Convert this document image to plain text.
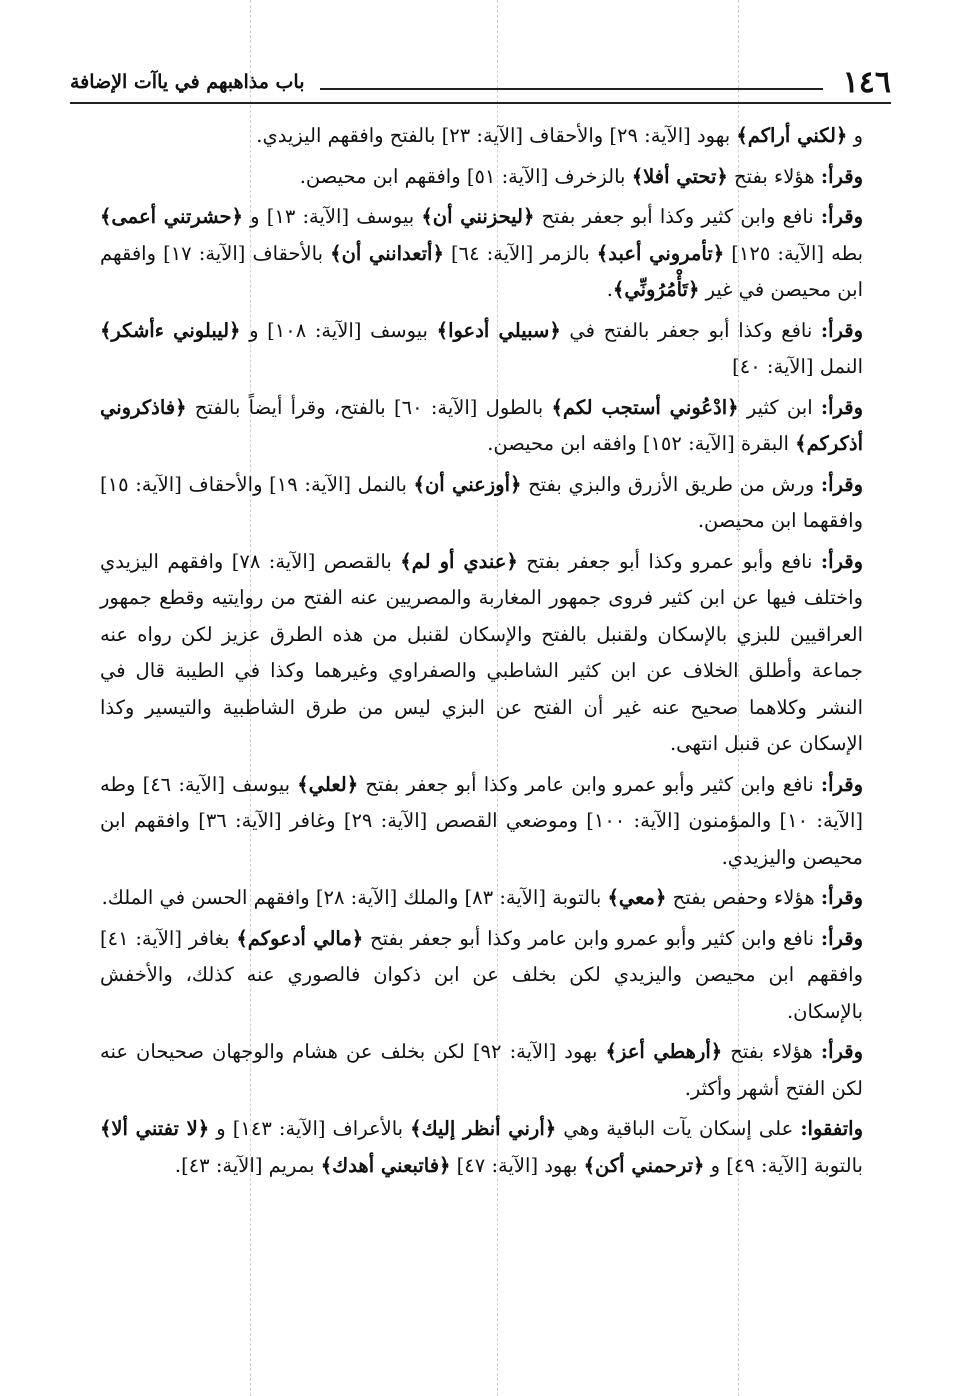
١٤٦
باب مذاهبهم في ياآت الإضافة

و ﴿لكني أراكم﴾ بهود [الآية: ٢٩] والأحقاف [الآية: ٢٣] بالفتح وافقهم اليزيدي.

وقرأ: هؤلاء بفتح ﴿تحتي أفلا﴾ بالزخرف [الآية: ٥١] وافقهم ابن محيصن.

وقرأ: نافع وابن كثير وكذا أبو جعفر بفتح ﴿ليحزنني أن﴾ بيوسف [الآية: ١٣] و ﴿حشرتني أعمى﴾ بطه [الآية: ١٢٥] ﴿تأمروني أعبد﴾ بالزمر [الآية: ٦٤] ﴿أتعدانني أن﴾ بالأحقاف [الآية: ١٧] وافقهم ابن محيصن في غير ﴿تَأْمُرُونِّي﴾.

وقرأ: نافع وكذا أبو جعفر بالفتح في ﴿سبيلي أدعوا﴾ بيوسف [الآية: ١٠٨] و ﴿ليبلوني ءأشكر﴾ النمل [الآية: ٤٠]

وقرأ: ابن كثير ﴿ادْعُوني أستجب لكم﴾ بالطول [الآية: ٦٠] بالفتح، وقرأ أيضاً بالفتح ﴿فاذكروني أذكركم﴾ البقرة [الآية: ١٥٢] وافقه ابن محيصن.

وقرأ: ورش من طريق الأزرق والبزي بفتح ﴿أوزعني أن﴾ بالنمل [الآية: ١٩] والأحقاف [الآية: ١٥] وافقهما ابن محيصن.

وقرأ: نافع وأبو عمرو وكذا أبو جعفر بفتح ﴿عندي أو لم﴾ بالقصص [الآية: ٧٨] وافقهم اليزيدي واختلف فيها عن ابن كثير فروى جمهور المغاربة والمصريين عنه الفتح من روايتيه وقطع جمهور العراقيين للبزي بالإسكان ولقنبل بالفتح والإسكان لقنبل من هذه الطرق عزيز لكن رواه عنه جماعة وأطلق الخلاف عن ابن كثير الشاطبي والصفراوي وغيرهما وكذا في الطيبة قال في النشر وكلاهما صحيح عنه غير أن الفتح عن البزي ليس من طرق الشاطبية والتيسير وكذا الإسكان عن قنبل انتهى.

وقرأ: نافع وابن كثير وأبو عمرو وابن عامر وكذا أبو جعفر بفتح ﴿لعلي﴾ بيوسف [الآية: ٤٦] وطه [الآية: ١٠] والمؤمنون [الآية: ١٠٠] وموضعي القصص [الآية: ٢٩] وغافر [الآية: ٣٦] وافقهم ابن محيصن واليزيدي.

وقرأ: هؤلاء وحفص بفتح ﴿معي﴾ بالتوبة [الآية: ٨٣] والملك [الآية: ٢٨] وافقهم الحسن في الملك.

وقرأ: نافع وابن كثير وأبو عمرو وابن عامر وكذا أبو جعفر بفتح ﴿مالي أدعوكم﴾ بغافر [الآية: ٤١] وافقهم ابن محيصن واليزيدي لكن بخلف عن ابن ذكوان فالصوري عنه كذلك، والأخفش بالإسكان.

وقرأ: هؤلاء بفتح ﴿أرهطي أعز﴾ بهود [الآية: ٩٢] لكن بخلف عن هشام والوجهان صحيحان عنه لكن الفتح أشهر وأكثر.

واتفقوا: على إسكان يآت الباقية وهي ﴿أرني أنظر إليك﴾ بالأعراف [الآية: ١٤٣] و ﴿لا تفتني ألا﴾ بالتوبة [الآية: ٤٩] و ﴿ترحمني أكن﴾ بهود [الآية: ٤٧] ﴿فاتبعني أهدك﴾ بمريم [الآية: ٤٣].
